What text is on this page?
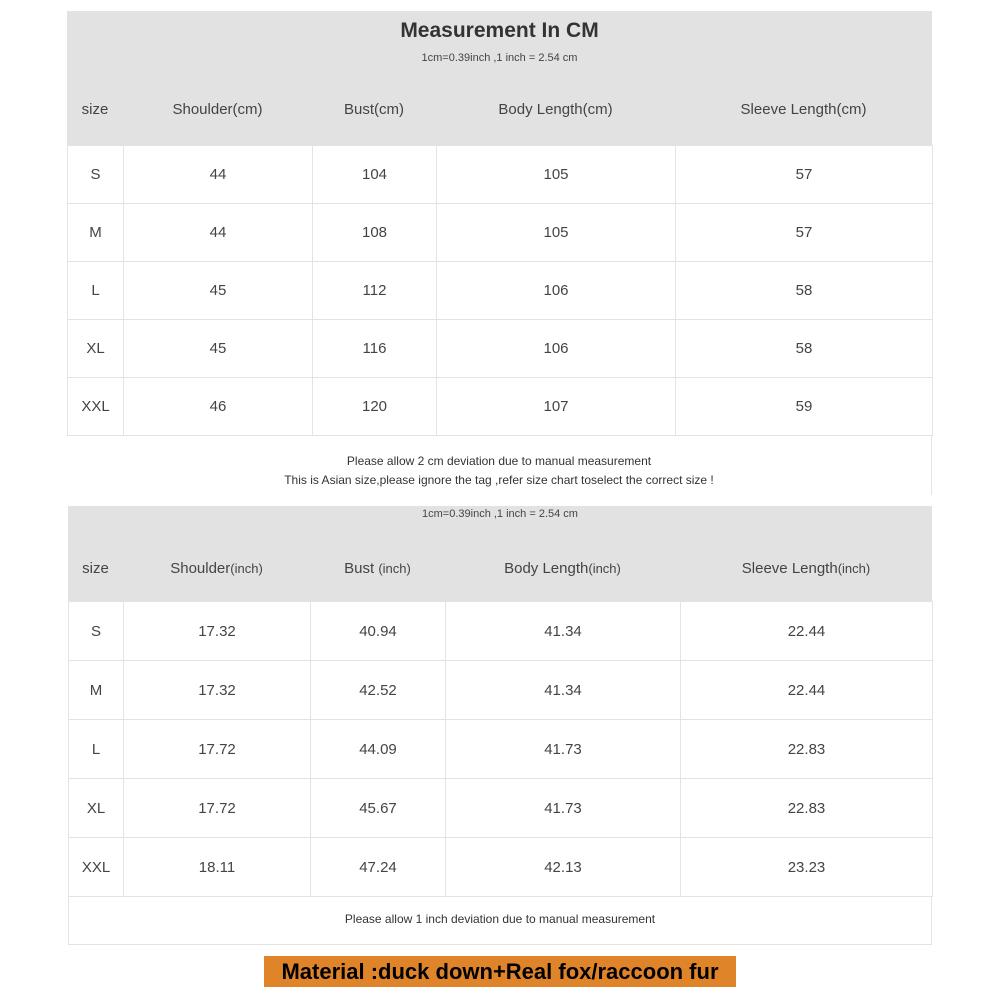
Measurement In CM
1cm=0.39inch ,1 inch = 2.54 cm
size	Shoulder(cm)	Bust(cm)	Body Length(cm)	Sleeve Length(cm)
S	44	104	105	57
M	44	108	105	57
L	45	112	106	58
XL	45	116	106	58
XXL	46	120	107	59
Please allow 2 cm deviation due to manual measurement
This is Asian size,please ignore the tag ,refer size chart toselect the correct size !
1cm=0.39inch ,1 inch = 2.54 cm
size	Shoulder(inch)	Bust (inch)	Body Length(inch)	Sleeve Length(inch)
S	17.32	40.94	41.34	22.44
M	17.32	42.52	41.34	22.44
L	17.72	44.09	41.73	22.83
XL	17.72	45.67	41.73	22.83
XXL	18.11	47.24	42.13	23.23
Please allow 1 inch deviation due to manual measurement
Material :duck down+Real fox/raccoon fur
